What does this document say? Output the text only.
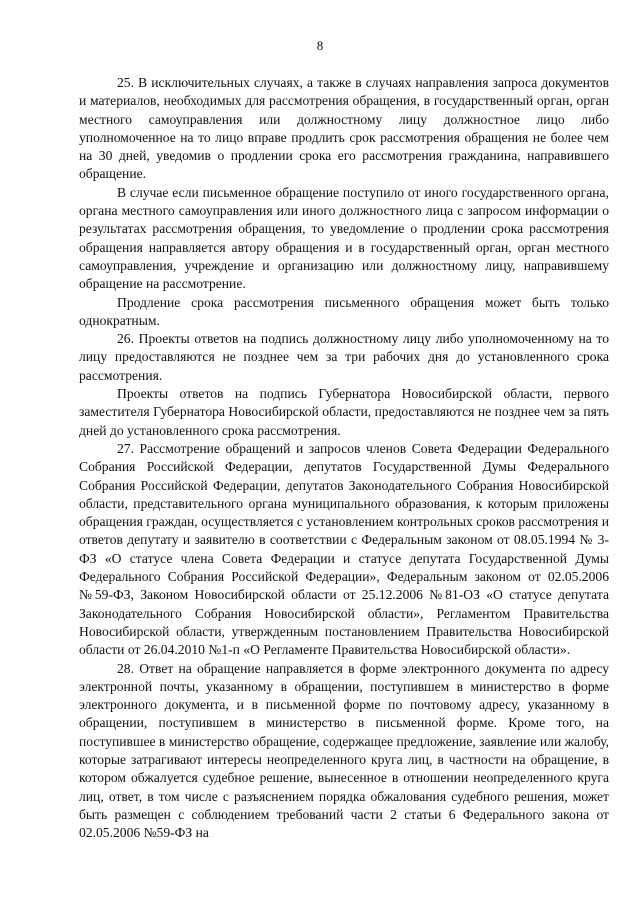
8

25. В исключительных случаях, а также в случаях направления запроса документов и материалов, необходимых для рассмотрения обращения, в государственный орган, орган местного самоуправления или должностному лицу должностное лицо либо уполномоченное на то лицо вправе продлить срок рассмотрения обращения не более чем на 30 дней, уведомив о продлении срока его рассмотрения гражданина, направившего обращение.

В случае если письменное обращение поступило от иного государственного органа, органа местного самоуправления или иного должностного лица с запросом информации о результатах рассмотрения обращения, то уведомление о продлении срока рассмотрения обращения направляется автору обращения и в государственный орган, орган местного самоуправления, учреждение и организацию или должностному лицу, направившему обращение на рассмотрение.

Продление срока рассмотрения письменного обращения может быть только однократным.

26. Проекты ответов на подпись должностному лицу либо уполномоченному на то лицу предоставляются не позднее чем за три рабочих дня до установленного срока рассмотрения.

Проекты ответов на подпись Губернатора Новосибирской области, первого заместителя Губернатора Новосибирской области, предоставляются не позднее чем за пять дней до установленного срока рассмотрения.

27. Рассмотрение обращений и запросов членов Совета Федерации Федерального Собрания Российской Федерации, депутатов Государственной Думы Федерального Собрания Российской Федерации, депутатов Законодательного Собрания Новосибирской области, представительного органа муниципального образования, к которым приложены обращения граждан, осуществляется с установлением контрольных сроков рассмотрения и ответов депутату и заявителю в соответствии с Федеральным законом от 08.05.1994 № 3-ФЗ «О статусе члена Совета Федерации и статусе депутата Государственной Думы Федерального Собрания Российской Федерации», Федеральным законом от 02.05.2006 №59-ФЗ, Законом Новосибирской области от 25.12.2006 №81-ОЗ «О статусе депутата Законодательного Собрания Новосибирской области», Регламентом Правительства Новосибирской области, утвержденным постановлением Правительства Новосибирской области от 26.04.2010 №1-п «О Регламенте Правительства Новосибирской области».

28. Ответ на обращение направляется в форме электронного документа по адресу электронной почты, указанному в обращении, поступившем в министерство в форме электронного документа, и в письменной форме по почтовому адресу, указанному в обращении, поступившем в министерство в письменной форме. Кроме того, на поступившее в министерство обращение, содержащее предложение, заявление или жалобу, которые затрагивают интересы неопределенного круга лиц, в частности на обращение, в котором обжалуется судебное решение, вынесенное в отношении неопределенного круга лиц, ответ, в том числе с разъяснением порядка обжалования судебного решения, может быть размещен с соблюдением требований части 2 статьи 6 Федерального закона от 02.05.2006 №59-ФЗ на
